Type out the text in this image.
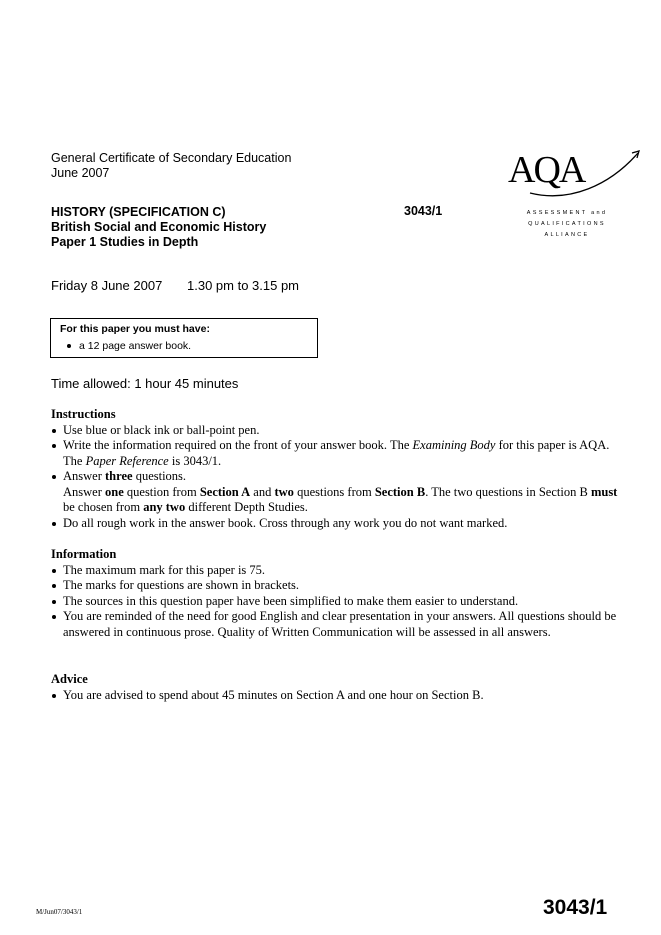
General Certificate of Secondary Education
June 2007
HISTORY (SPECIFICATION C)
British Social and Economic History
Paper 1 Studies in Depth
3043/1
AQA
ASSESSMENT and
QUALIFICATIONS
ALLIANCE
Friday 8 June 2007 1.30 pm to 3.15 pm
For this paper you must have:
a 12 page answer book.
Time allowed: 1 hour 45 minutes
Instructions
Use blue or black ink or ball-point pen.
Write the information required on the front of your answer book. The Examining Body for this paper is AQA. The Paper Reference is 3043/1.
Answer three questions.
Answer one question from Section A and two questions from Section B. The two questions in Section B must be chosen from any two different Depth Studies.
Do all rough work in the answer book. Cross through any work you do not want marked.
Information
The maximum mark for this paper is 75.
The marks for questions are shown in brackets.
The sources in this question paper have been simplified to make them easier to understand.
You are reminded of the need for good English and clear presentation in your answers. All questions should be answered in continuous prose. Quality of Written Communication will be assessed in all answers.
Advice
You are advised to spend about 45 minutes on Section A and one hour on Section B.
M/Jun07/3043/1	3043/1
